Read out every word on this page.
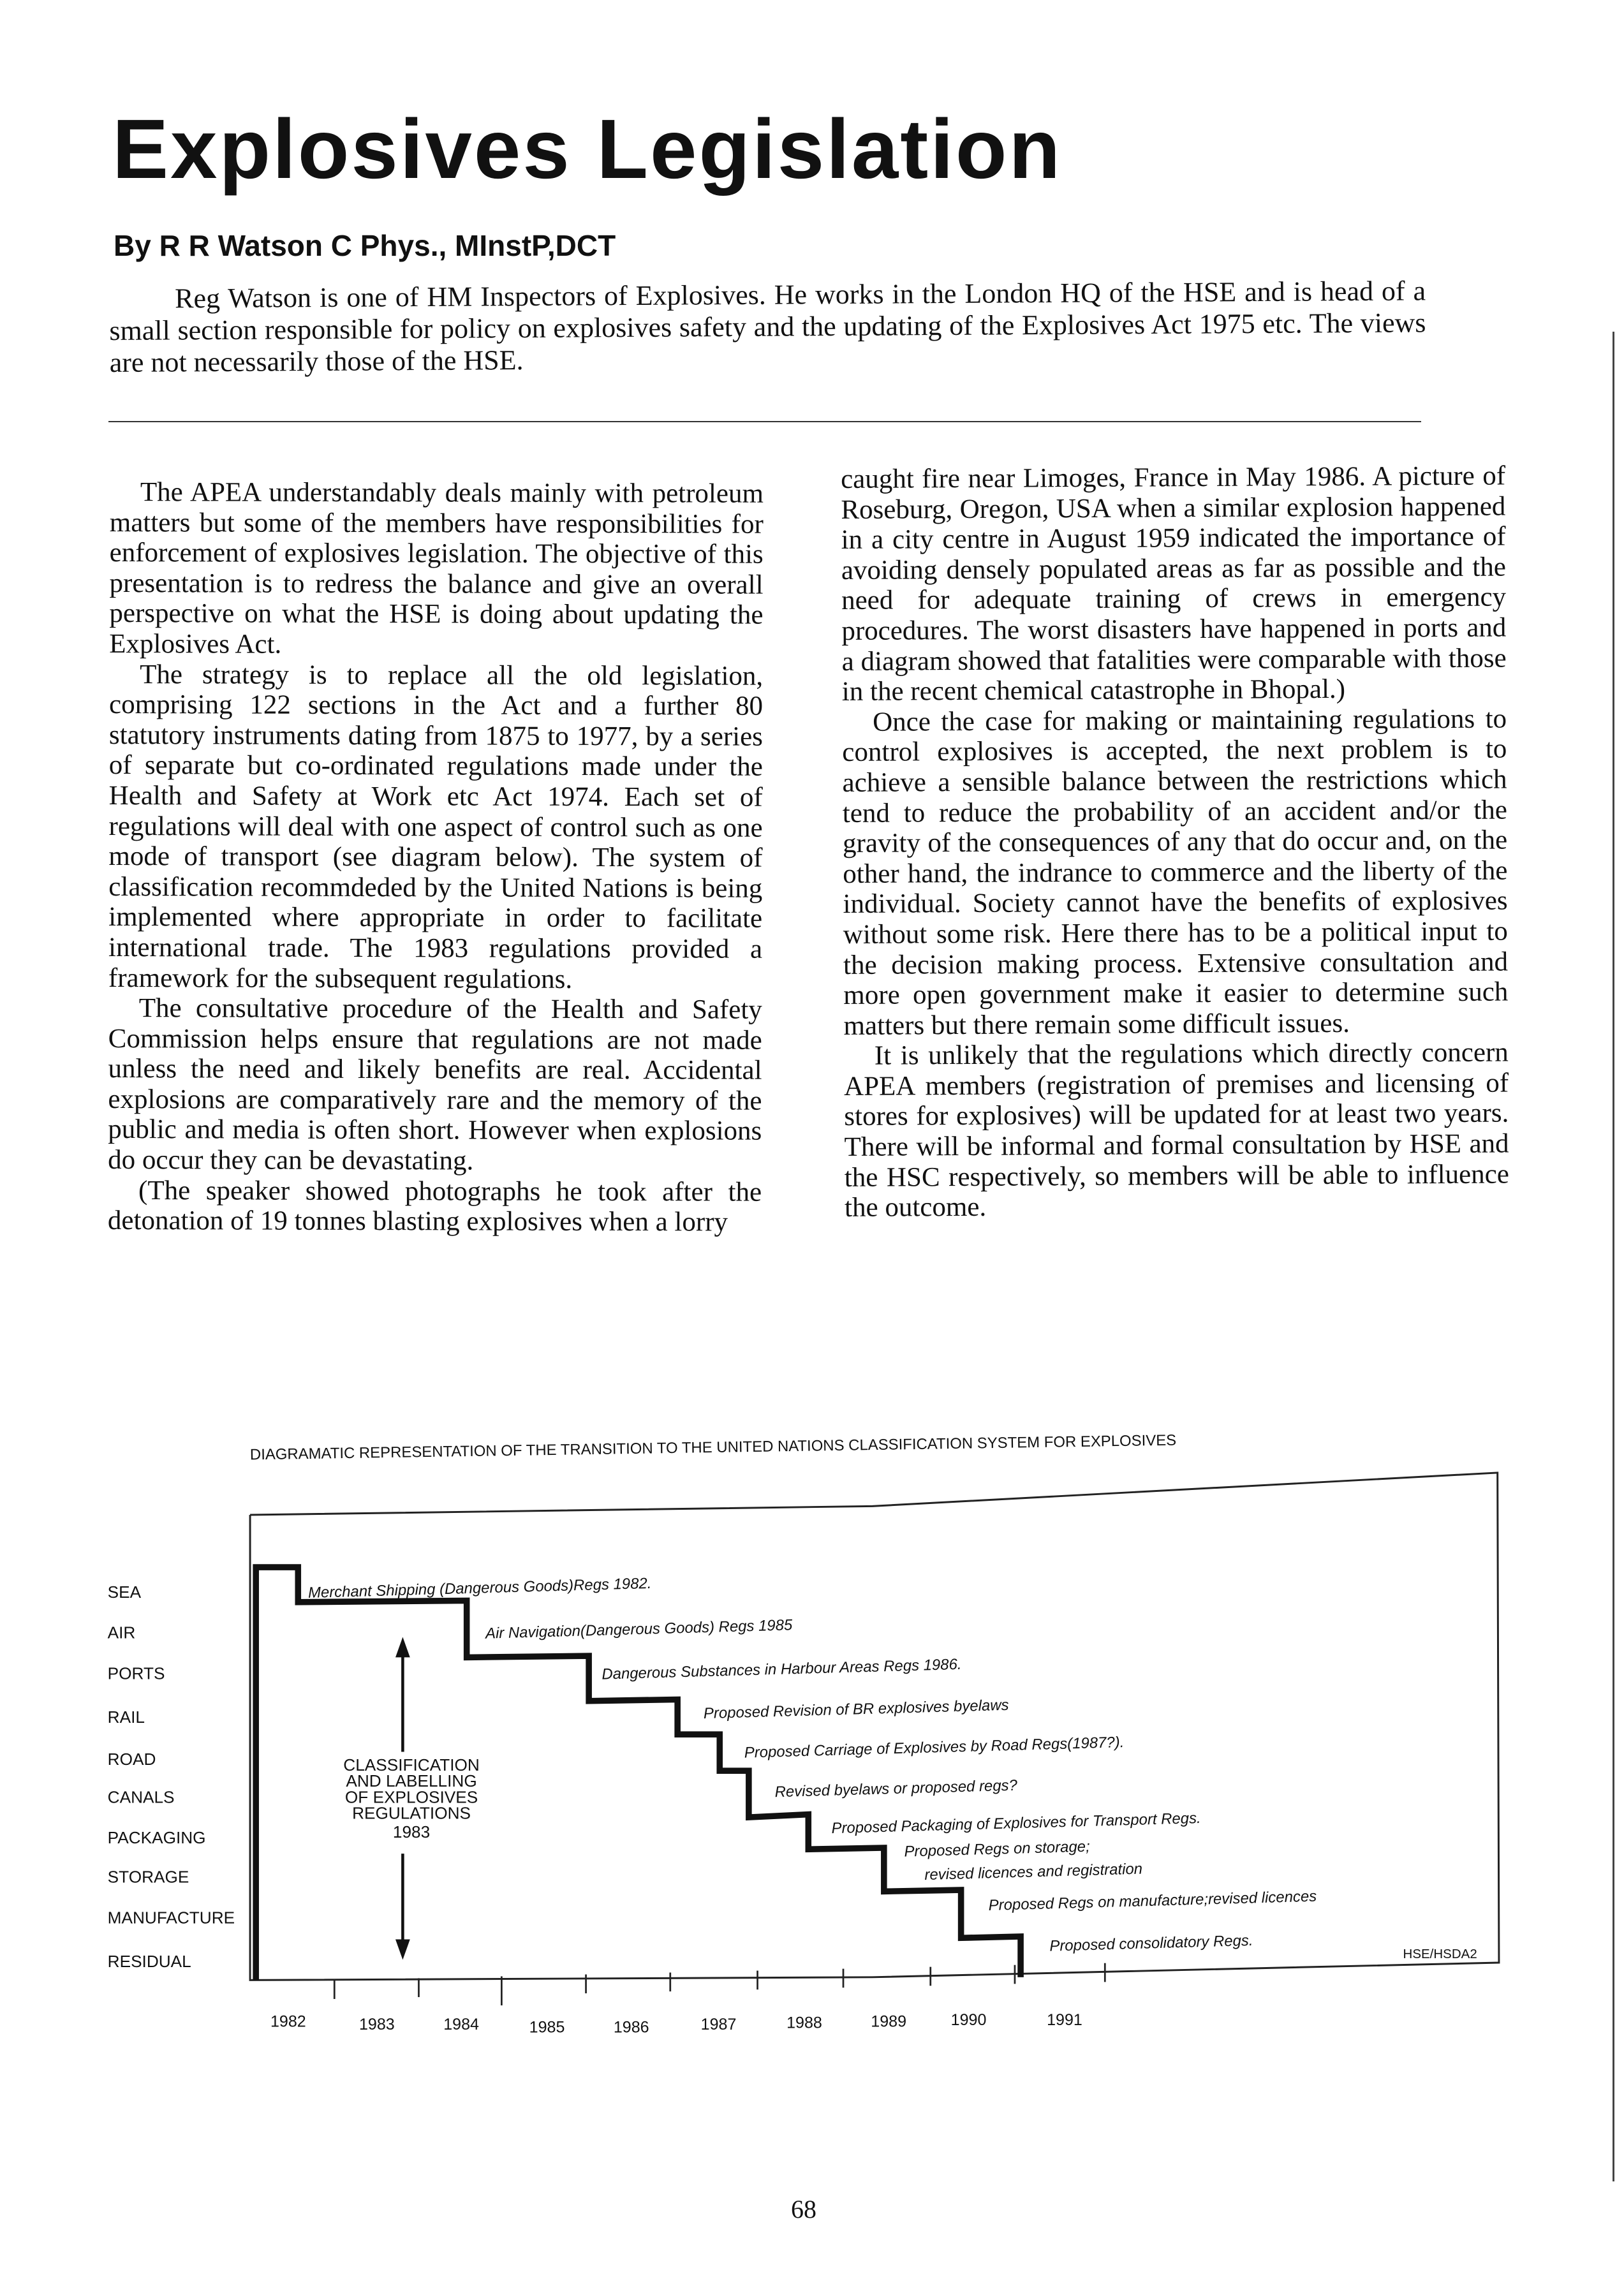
Explosives Legislation
By R R Watson C Phys., MInstP,DCT
Reg Watson is one of HM Inspectors of Explosives. He works in the London HQ of the HSE and is head of a small section responsible for policy on explosives safety and the updating of the Explosives Act 1975 etc. The views are not necessarily those of the HSE.

The APEA understandably deals mainly with petroleum matters but some of the members have responsibilities for enforcement of explosives legislation. The objective of this presentation is to redress the balance and give an overall perspective on what the HSE is doing about updating the Explosives Act.

The strategy is to replace all the old legislation, comprising 122 sections in the Act and a further 80 statutory instruments dating from 1875 to 1977, by a series of separate but co-ordinated regulations made under the Health and Safety at Work etc Act 1974. Each set of regulations will deal with one aspect of control such as one mode of transport (see diagram below). The system of classification recommdeded by the United Nations is being implemented where appropriate in order to facilitate international trade. The 1983 regulations provided a framework for the subsequent regulations.

The consultative procedure of the Health and Safety Commission helps ensure that regulations are not made unless the need and likely benefits are real. Accidental explosions are comparatively rare and the memory of the public and media is often short. However when explosions do occur they can be devastating.

(The speaker showed photographs he took after the detonation of 19 tonnes blasting explosives when a lorry

caught fire near Limoges, France in May 1986. A picture of Roseburg, Oregon, USA when a similar explosion happened in a city centre in August 1959 indicated the importance of avoiding densely populated areas as far as possible and the need for adequate training of crews in emergency procedures. The worst disasters have happened in ports and a diagram showed that fatalities were comparable with those in the recent chemical catastrophe in Bhopal.)

Once the case for making or maintaining regulations to control explosives is accepted, the next problem is to achieve a sensible balance between the restrictions which tend to reduce the probability of an accident and/or the gravity of the consequences of any that do occur and, on the other hand, the indrance to commerce and the liberty of the individual. Society cannot have the benefits of explosives without some risk. Here there has to be a political input to the decision making process. Extensive consultation and more open government make it easier to determine such matters but there remain some difficult issues.

It is unlikely that the regulations which directly concern APEA members (registration of premises and licensing of stores for explosives) will be updated for at least two years. There will be informal and formal consultation by HSE and the HSC respectively, so members will be able to influence the outcome.

DIAGRAMATIC REPRESENTATION OF THE TRANSITION TO THE UNITED NATIONS CLASSIFICATION SYSTEM FOR EXPLOSIVES
SEA
AIR
PORTS
RAIL
ROAD
CANALS
PACKAGING
STORAGE
MANUFACTURE
RESIDUAL
Merchant Shipping (Dangerous Goods)Regs 1982.
Air Navigation(Dangerous Goods) Regs 1985
Dangerous Substances in Harbour Areas Regs 1986.
Proposed Revision of BR explosives byelaws
Proposed Carriage of Explosives by Road Regs(1987?).
Revised byelaws or proposed regs?
Proposed Packaging of Explosives for Transport Regs.
Proposed Regs on storage;
revised licences and registration
Proposed Regs on manufacture;revised licences
Proposed consolidatory Regs.
CLASSIFICATION
AND LABELLING
OF EXPLOSIVES
REGULATIONS
1983
1982	1983	1984	1985	1986	1987	1988	1989	1990	1991
HSE/HSDA2
68
